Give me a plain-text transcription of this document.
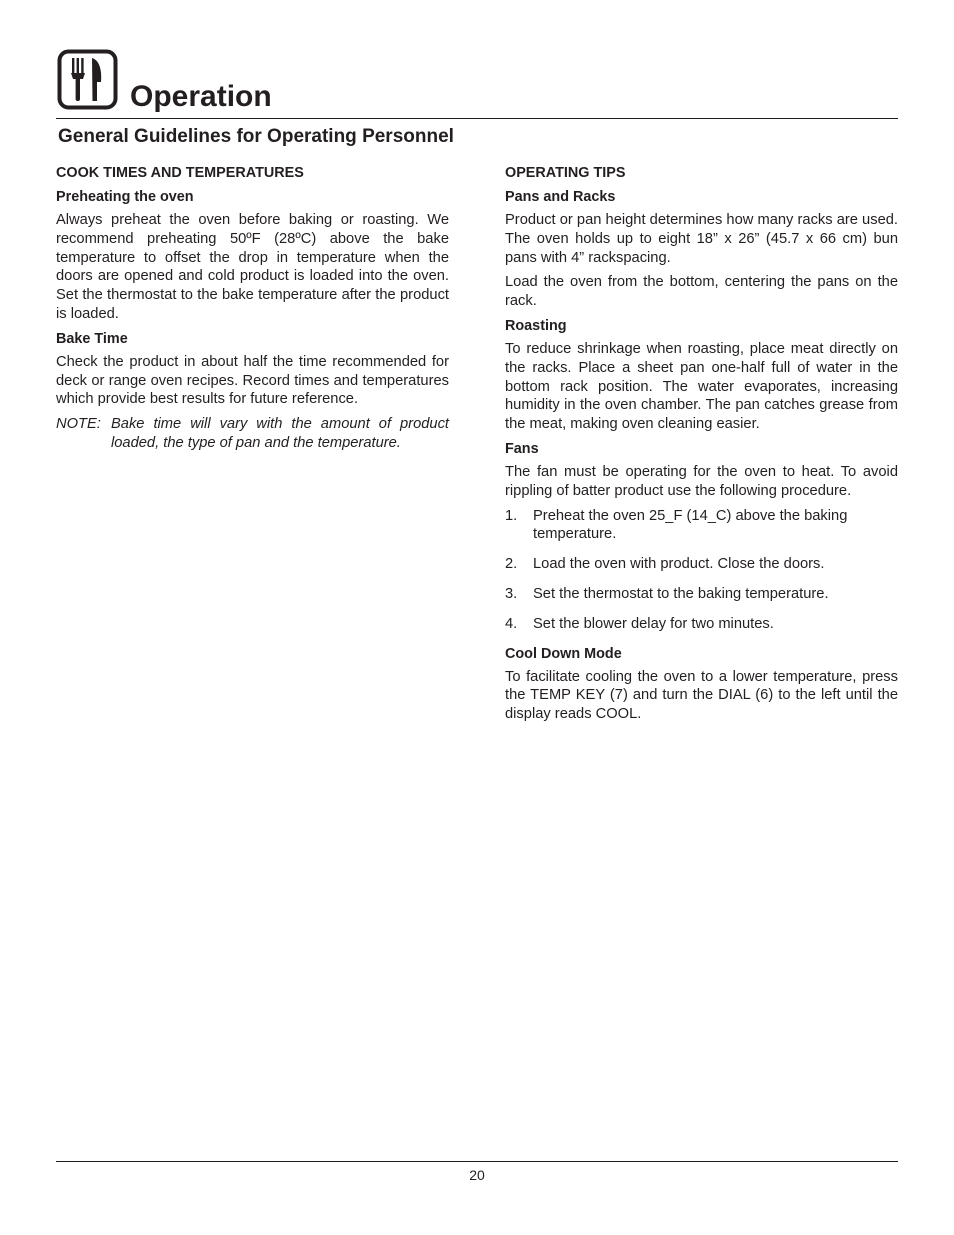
Operation
General Guidelines for Operating Personnel
COOK TIMES AND TEMPERATURES
Preheating the oven

Always preheat the oven before baking or roasting. We recommend preheating 50ºF (28ºC) above the bake temperature to offset the drop in temperature when the doors are opened and cold product is loaded into the oven. Set the thermostat to the bake temperature after the product is loaded.

Bake Time

Check the product in about half the time recommended for deck or range oven recipes. Record times and temperatures which provide best results for future reference.

NOTE: Bake time will vary with the amount of product loaded, the type of pan and the temperature.
OPERATING TIPS
Pans and Racks

Product or pan height determines how many racks are used. The oven holds up to eight 18” x 26” (45.7 x 66 cm) bun pans with 4” rackspacing.

Load the oven from the bottom, centering the pans on the rack.

Roasting

To reduce shrinkage when roasting, place meat directly on the racks. Place a sheet pan one-half full of water in the bottom rack position. The water evaporates, increasing humidity in the oven chamber. The pan catches grease from the meat, making oven cleaning easier.

Fans

The fan must be operating for the oven to heat. To avoid rippling of batter product use the following procedure.

1.	Preheat the oven 25_F (14_C) above the baking temperature.
2.	Load the oven with product. Close the doors.
3.	Set the thermostat to the baking temperature.
4.	Set the blower delay for two minutes.
Cool Down Mode

To facilitate cooling the oven to a lower temperature, press the TEMP KEY (7) and turn the DIAL (6) to the left until the display reads COOL.

20
